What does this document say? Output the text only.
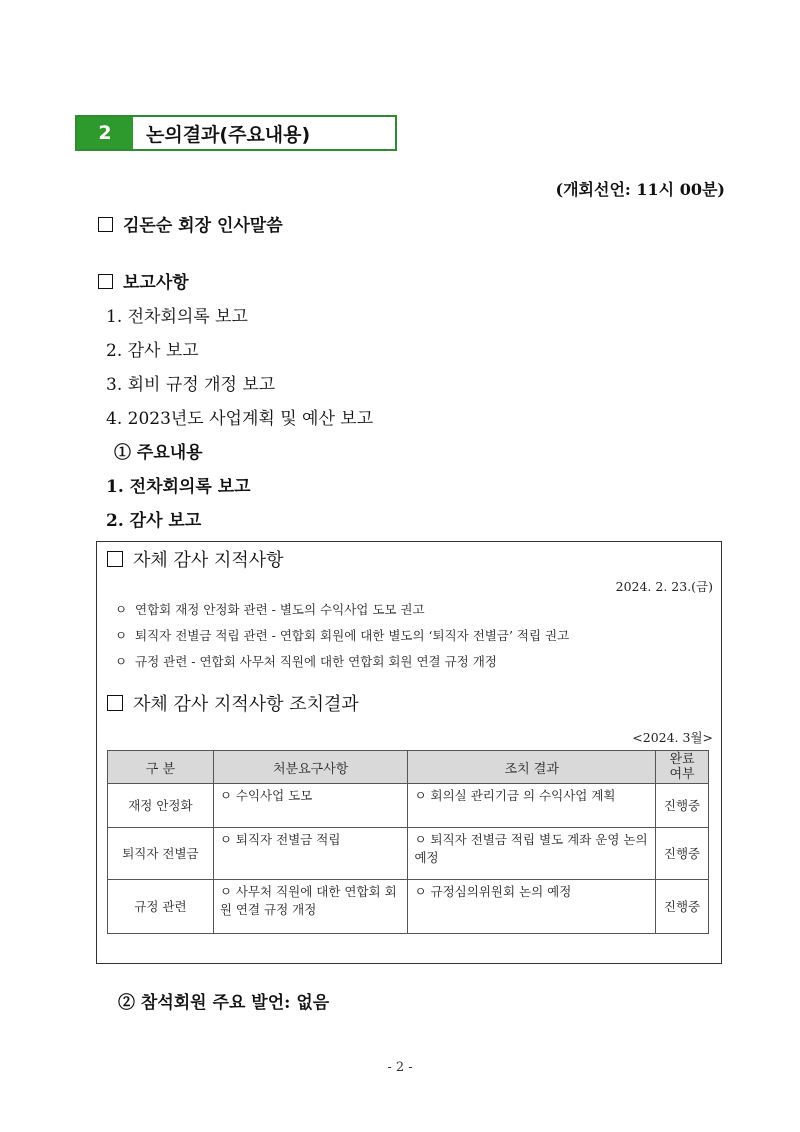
2	논의결과(주요내용)
(개회선언: 11시 00분)
김돈순 회장 인사말씀
보고사항
1. 전차회의록 보고
2. 감사 보고
3. 회비 규정 개정 보고
4. 2023년도 사업계획 및 예산 보고
① 주요내용
1. 전차회의록 보고
2. 감사 보고
자체 감사 지적사항
2024. 2. 23.(금)
ㅇ 연합회 재정 안정화 관련 - 별도의 수익사업 도모 권고
ㅇ 퇴직자 전별금 적립 관련 - 연합회 회원에 대한 별도의 ‘퇴직자 전별금’ 적립 권고
ㅇ 규정 관련 - 연합회 사무처 직원에 대한 연합회 회원 연결 규정 개정
자체 감사 지적사항 조치결과
<2024. 3월>
구 분	처분요구사항	조치 결과	완료
여부
재정 안정화	ㅇ 수익사업 도모	ㅇ 회의실 관리기금 의 수익사업 계획	진행중
퇴직자 전별금	ㅇ 퇴직자 전별금 적립	ㅇ 퇴직자 전별금 적립 별도 계좌 운영 논의 예정	진행중
규정 관련	ㅇ 사무처 직원에 대한 연합회 회원 연결 규정 개정	ㅇ 규정심의위원회 논의 예정	진행중
② 참석회원 주요 발언: 없음
- 2 -
